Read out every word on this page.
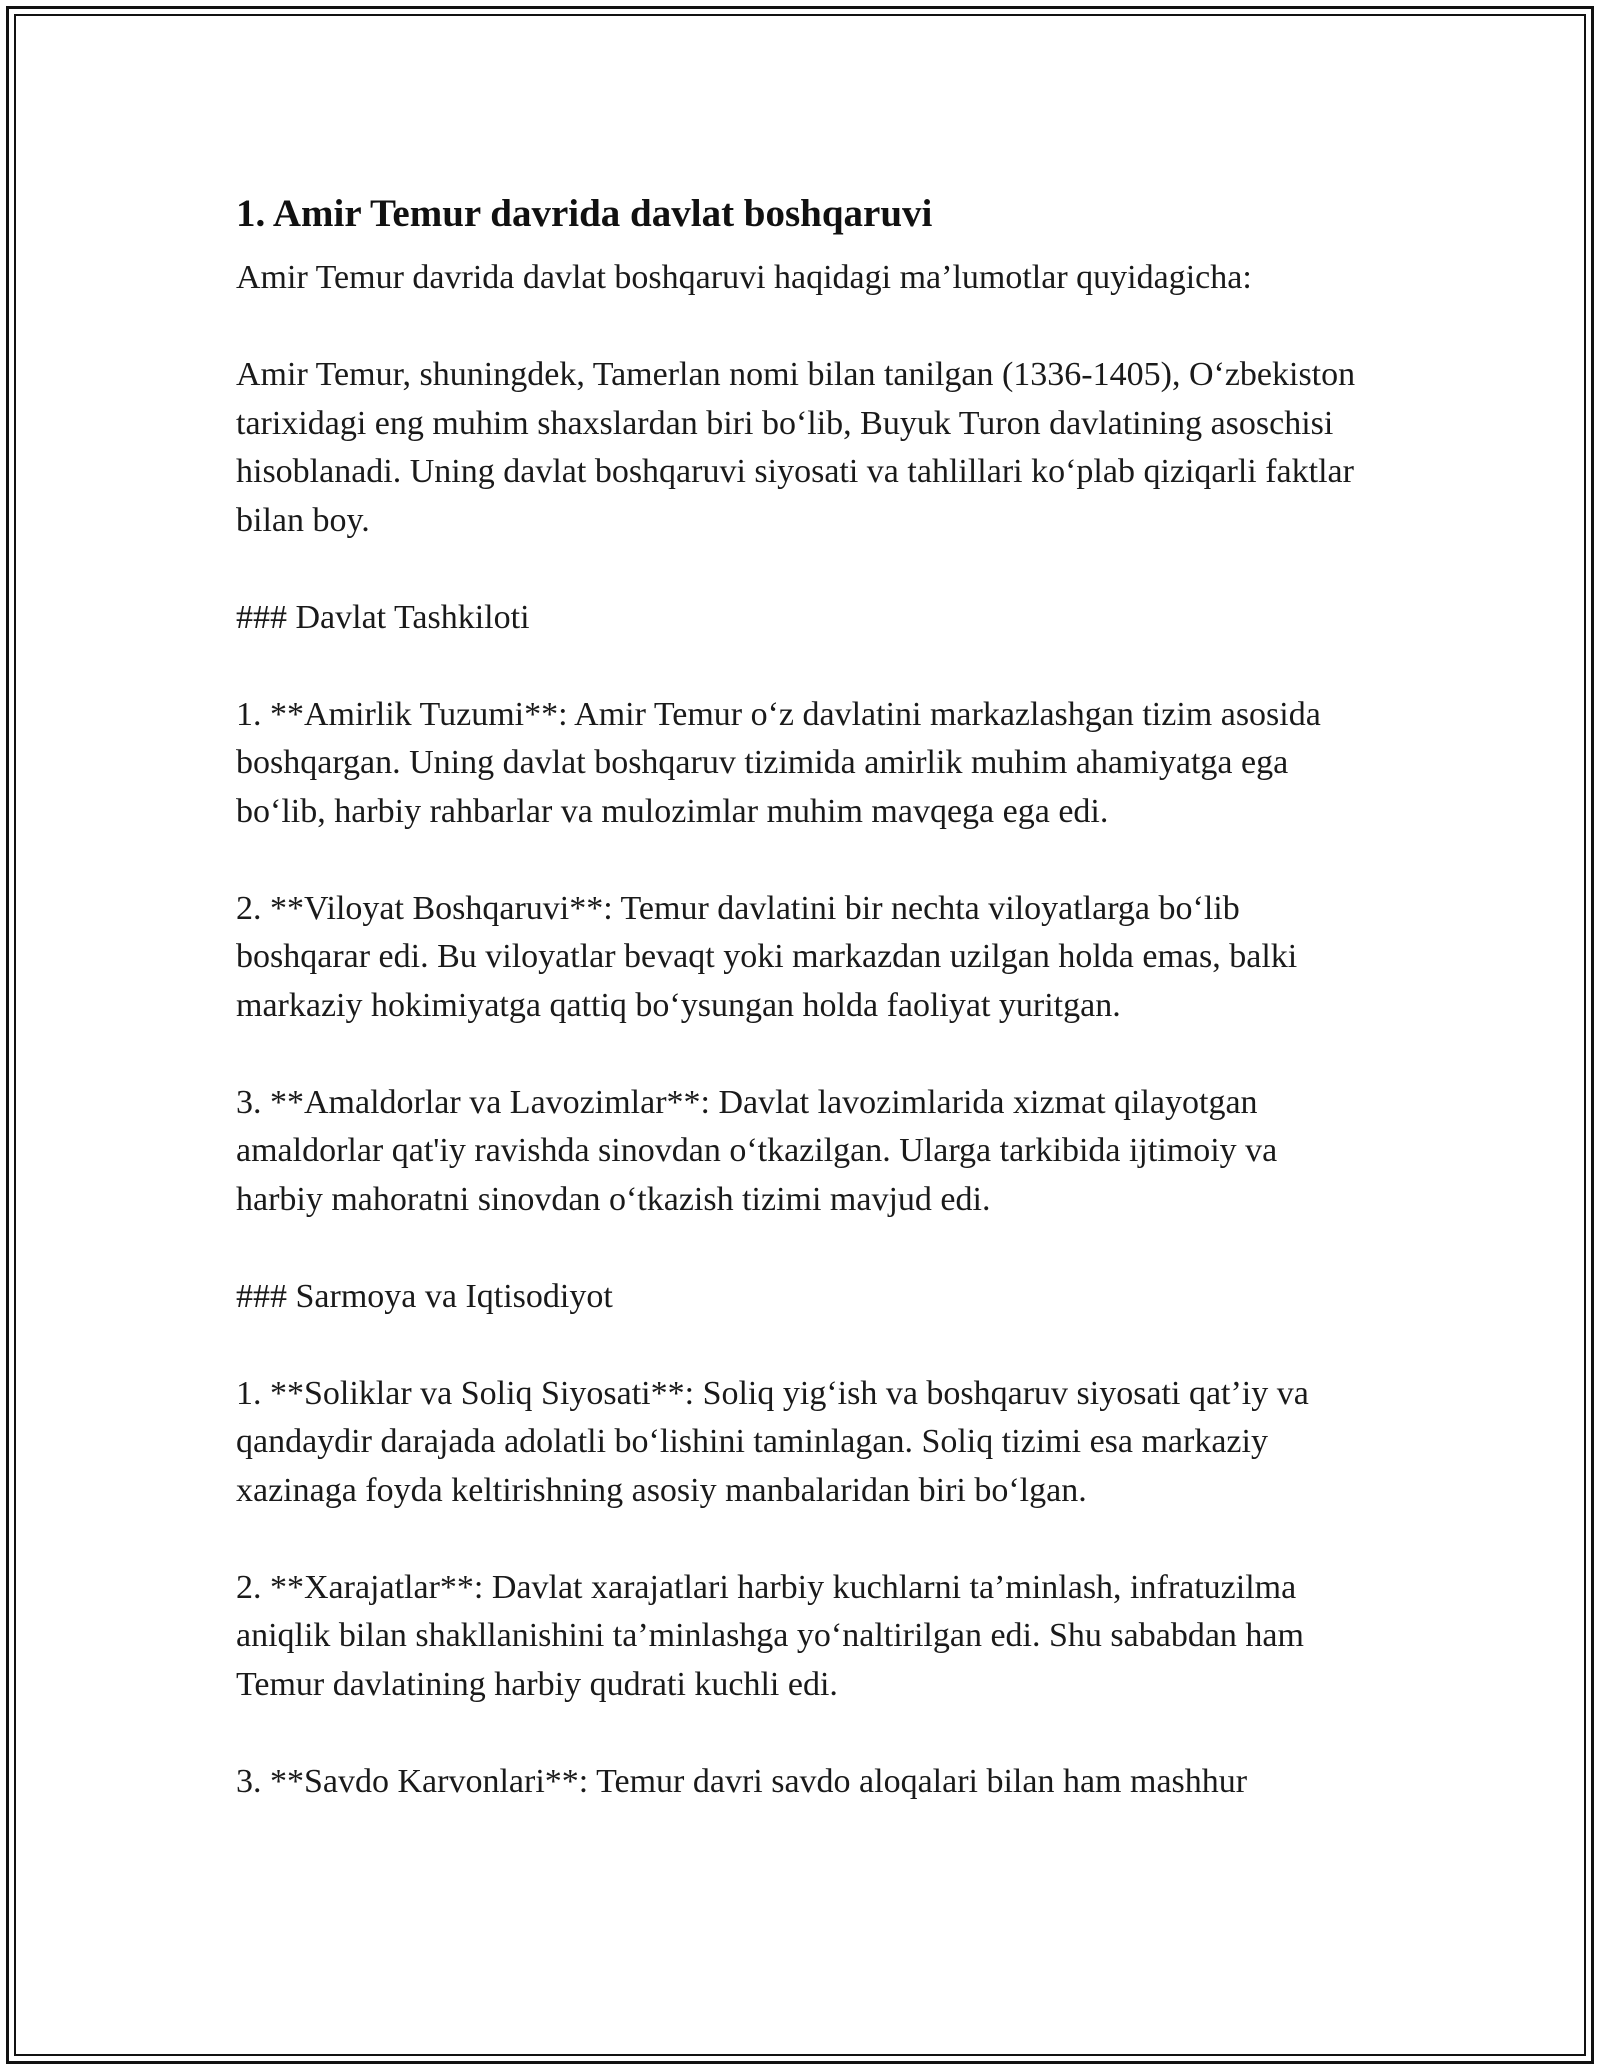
1. Amir Temur davrida davlat boshqaruvi

Amir Temur davrida davlat boshqaruvi haqidagi ma’lumotlar quyidagicha:

Amir Temur, shuningdek, Tamerlan nomi bilan tanilgan (1336-1405), O‘zbekiston tarixidagi eng muhim shaxslardan biri bo‘lib, Buyuk Turon davlatining asoschisi hisoblanadi. Uning davlat boshqaruvi siyosati va tahlillari ko‘plab qiziqarli faktlar bilan boy.

### Davlat Tashkiloti

1. **Amirlik Tuzumi**: Amir Temur o‘z davlatini markazlashgan tizim asosida boshqargan. Uning davlat boshqaruv tizimida amirlik muhim ahamiyatga ega bo‘lib, harbiy rahbarlar va mulozimlar muhim mavqega ega edi.

2. **Viloyat Boshqaruvi**: Temur davlatini bir nechta viloyatlarga bo‘lib boshqarar edi. Bu viloyatlar bevaqt yoki markazdan uzilgan holda emas, balki markaziy hokimiyatga qattiq bo‘ysungan holda faoliyat yuritgan.

3. **Amaldorlar va Lavozimlar**: Davlat lavozimlarida xizmat qilayotgan amaldorlar qat'iy ravishda sinovdan o‘tkazilgan. Ularga tarkibida ijtimoiy va harbiy mahoratni sinovdan o‘tkazish tizimi mavjud edi.

### Sarmoya va Iqtisodiyot

1. **Soliklar va Soliq Siyosati**: Soliq yig‘ish va boshqaruv siyosati qat’iy va qandaydir darajada adolatli bo‘lishini taminlagan. Soliq tizimi esa markaziy xazinaga foyda keltirishning asosiy manbalaridan biri bo‘lgan.

2. **Xarajatlar**: Davlat xarajatlari harbiy kuchlarni ta’minlash, infratuzilma aniqlik bilan shakllanishini ta’minlashga yo‘naltirilgan edi. Shu sababdan ham Temur davlatining harbiy qudrati kuchli edi.

3. **Savdo Karvonlari**: Temur davri savdo aloqalari bilan ham mashhur
